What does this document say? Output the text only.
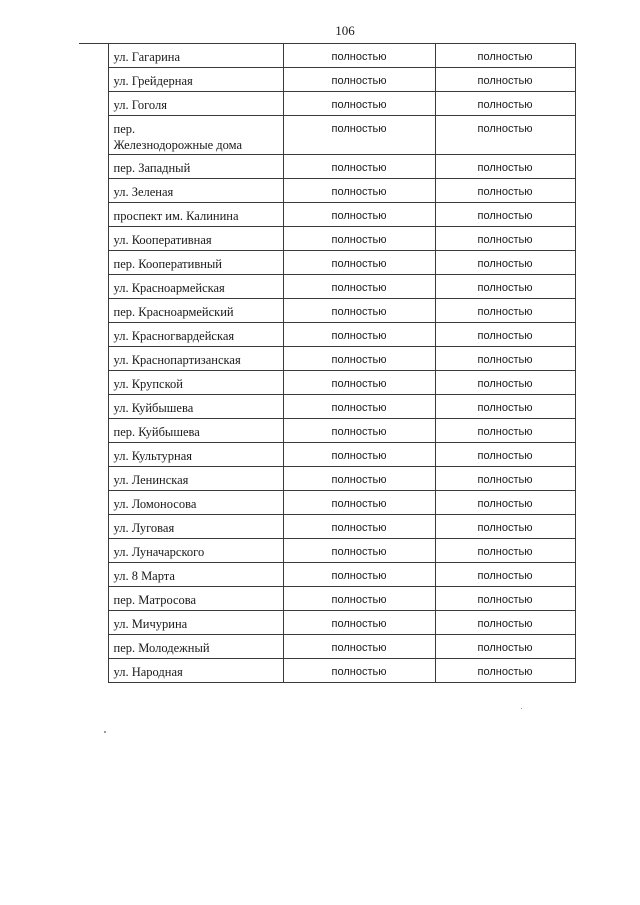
106
	ул. Гагарина	полностью	полностью
	ул. Грейдерная	полностью	полностью
	ул. Гоголя	полностью	полностью
	пер.
Железнодорожные дома	полностью	полностью
	пер. Западный	полностью	полностью
	ул. Зеленая	полностью	полностью
	проспект им. Калинина	полностью	полностью
	ул. Кооперативная	полностью	полностью
	пер. Кооперативный	полностью	полностью
	ул. Красноармейская	полностью	полностью
	пер. Красноармейский	полностью	полностью
	ул. Красногвардейская	полностью	полностью
	ул. Краснопартизанская	полностью	полностью
	ул. Крупской	полностью	полностью
	ул. Куйбышева	полностью	полностью
	пер. Куйбышева	полностью	полностью
	ул. Культурная	полностью	полностью
	ул. Ленинская	полностью	полностью
	ул. Ломоносова	полностью	полностью
	ул. Луговая	полностью	полностью
	ул. Луначарского	полностью	полностью
	ул. 8 Марта	полностью	полностью
	пер. Матросова	полностью	полностью
	ул. Мичурина	полностью	полностью
	пер. Молодежный	полностью	полностью
	ул. Народная	полностью	полностью
